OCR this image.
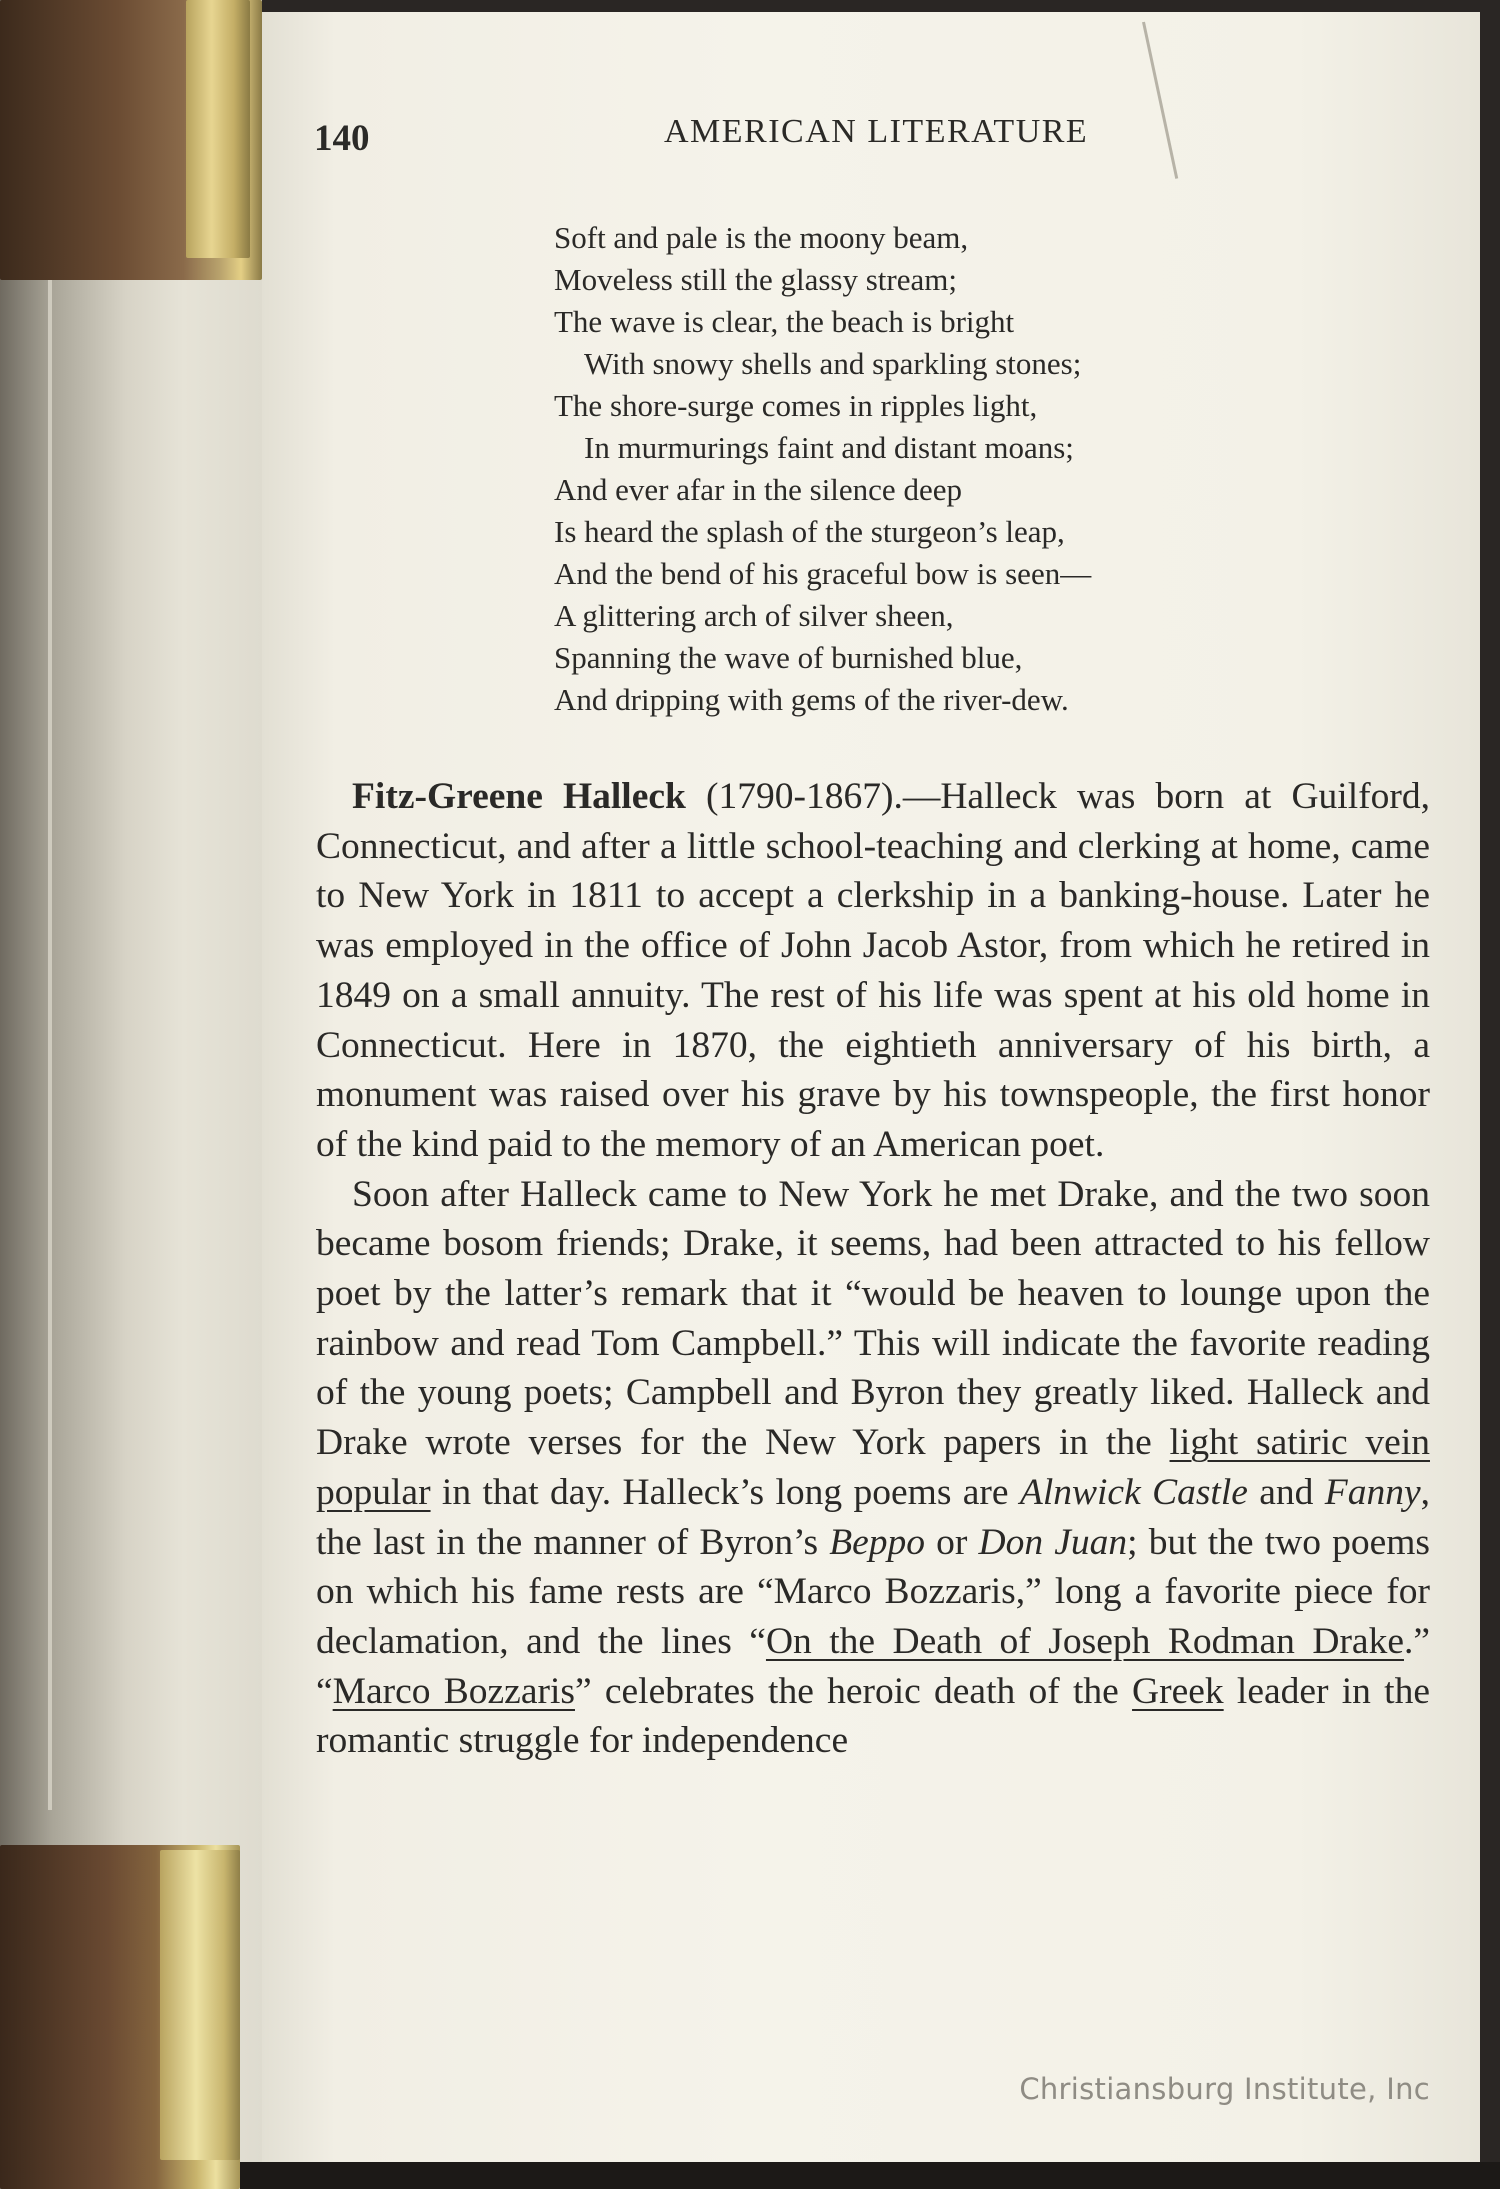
140	AMERICAN LITERATURE
Soft and pale is the moony beam,
Moveless still the glassy stream;
The wave is clear, the beach is bright
With snowy shells and sparkling stones;
The shore-surge comes in ripples light,
In murmurings faint and distant moans;
And ever afar in the silence deep
Is heard the splash of the sturgeon’s leap,
And the bend of his graceful bow is seen—
A glittering arch of silver sheen,
Spanning the wave of burnished blue,
And dripping with gems of the river-dew.

Fitz-Greene Halleck (1790-1867).—Halleck was born at Guilford, Connecticut, and after a little school-teaching and clerking at home, came to New York in 1811 to accept a clerkship in a banking-house. Later he was employed in the office of John Jacob Astor, from which he retired in 1849 on a small annuity. The rest of his life was spent at his old home in Connecticut. Here in 1870, the eightieth anniversary of his birth, a monument was raised over his grave by his townspeople, the first honor of the kind paid to the memory of an American poet.

Soon after Halleck came to New York he met Drake, and the two soon became bosom friends; Drake, it seems, had been attracted to his fellow poet by the latter’s remark that it “would be heaven to lounge upon the rainbow and read Tom Campbell.” This will indicate the favorite reading of the young poets; Campbell and Byron they greatly liked. Halleck and Drake wrote verses for the New York papers in the light satiric vein popular in that day. Halleck’s long poems are Alnwick Castle and Fanny, the last in the manner of Byron’s Beppo or Don Juan; but the two poems on which his fame rests are “Marco Bozzaris,” long a favorite piece for declamation, and the lines “On the Death of Joseph Rodman Drake.” “Marco Bozzaris” celebrates the heroic death of the Greek leader in the romantic struggle for independence

Christiansburg Institute, Inc
